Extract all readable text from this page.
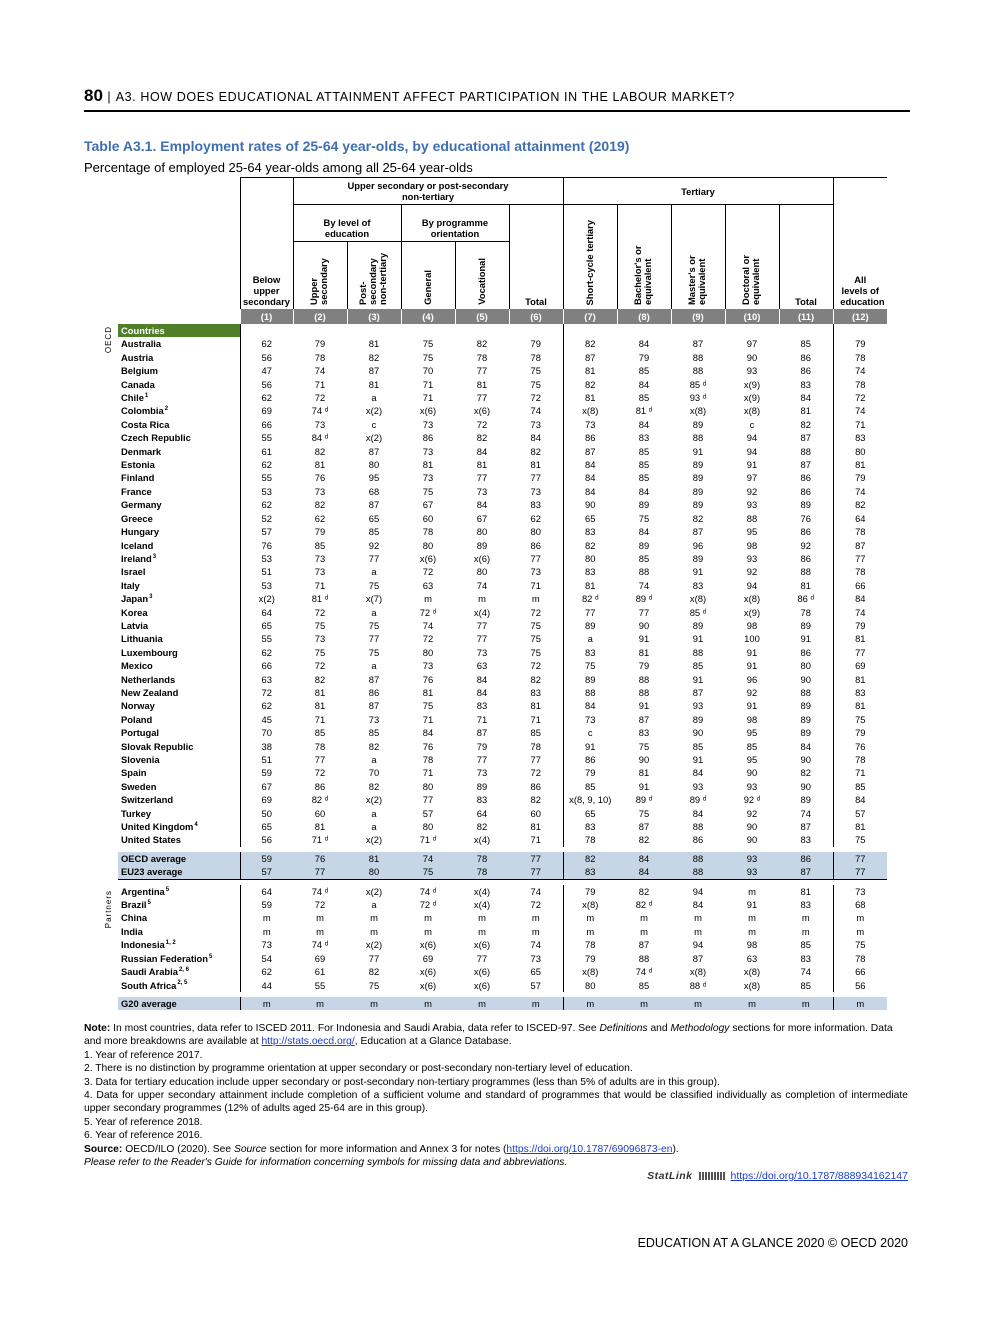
80 | A3. HOW DOES EDUCATIONAL ATTAINMENT AFFECT PARTICIPATION IN THE LABOUR MARKET?
Table A3.1. Employment rates of 25-64 year-olds, by educational attainment (2019)
Percentage of employed 25-64 year-olds among all 25-64 year-olds
	Below upper secondary	Upper secondary or post-secondary non-tertiary					Tertiary					All levels of education
		By level of education		By programme orientation		Total	Short-cycle tertiary	Bachelor's or equivalent	Master's or equivalent	Doctoral or equivalent	Total	
		Upper secondary	Post-secondary non-tertiary	General	Vocational							
	(1)	(2)	(3)	(4)	(5)	(6)	(7)	(8)	(9)	(10)	(11)	(12)
Countries												
Australia	62	79	81	75	82	79	82	84	87	97	85	79
Austria	56	78	82	75	78	78	87	79	88	90	86	78
Belgium	47	74	87	70	77	75	81	85	88	93	86	74
Canada	56	71	81	71	81	75	82	84	85 ᵈ	x(9)	83	78
Chile$^1$	62	72	a	71	77	72	81	85	93 ᵈ	x(9)	84	72
Colombia$^2$	69	74 ᵈ	x(2)	x(6)	x(6)	74	x(8)	81 ᵈ	x(8)	x(8)	81	74
Costa Rica	66	73	c	73	72	73	73	84	89	c	82	71
Czech Republic	55	84 ᵈ	x(2)	86	82	84	86	83	88	94	87	83
Denmark	61	82	87	73	84	82	87	85	91	94	88	80
Estonia	62	81	80	81	81	81	84	85	89	91	87	81
Finland	55	76	95	73	77	77	84	85	89	97	86	79
France	53	73	68	75	73	73	84	84	89	92	86	74
Germany	62	82	87	67	84	83	90	89	89	93	89	82
Greece	52	62	65	60	67	62	65	75	82	88	76	64
Hungary	57	79	85	78	80	80	83	84	87	95	86	78
Iceland	76	85	92	80	89	86	82	89	96	98	92	87
Ireland$^3$	53	73	77	x(6)	x(6)	77	80	85	89	93	86	77
Israel	51	73	a	72	80	73	83	88	91	92	88	78
Italy	53	71	75	63	74	71	81	74	83	94	81	66
Japan$^3$	x(2)	81 ᵈ	x(7)	m	m	m	82 ᵈ	89 ᵈ	x(8)	x(8)	86 ᵈ	84
Korea	64	72	a	72 ᵈ	x(4)	72	77	77	85 ᵈ	x(9)	78	74
Latvia	65	75	75	74	77	75	89	90	89	98	89	79
Lithuania	55	73	77	72	77	75	a	91	91	100	91	81
Luxembourg	62	75	75	80	73	75	83	81	88	91	86	77
Mexico	66	72	a	73	63	72	75	79	85	91	80	69
Netherlands	63	82	87	76	84	82	89	88	91	96	90	81
New Zealand	72	81	86	81	84	83	88	88	87	92	88	83
Norway	62	81	87	75	83	81	84	91	93	91	89	81
Poland	45	71	73	71	71	71	73	87	89	98	89	75
Portugal	70	85	85	84	87	85	c	83	90	95	89	79
Slovak Republic	38	78	82	76	79	78	91	75	85	85	84	76
Slovenia	51	77	a	78	77	77	86	90	91	95	90	78
Spain	59	72	70	71	73	72	79	81	84	90	82	71
Sweden	67	86	82	80	89	86	85	91	93	93	90	85
Switzerland	69	82 ᵈ	x(2)	77	83	82	x(8, 9, 10)	89 ᵈ	89 ᵈ	92 ᵈ	89	84
Turkey	50	60	a	57	64	60	65	75	84	92	74	57
United Kingdom$^4$	65	81	a	80	82	81	83	87	88	90	87	81
United States	56	71 ᵈ	x(2)	71 ᵈ	x(4)	71	78	82	86	90	83	75

OECD average	59	76	81	74	78	77	82	84	88	93	86	77
EU23 average	57	77	80	75	78	77	83	84	88	93	87	77

Argentina$^5$	64	74 ᵈ	x(2)	74 ᵈ	x(4)	74	79	82	94	m	81	73
Brazil$^5$	59	72	a	72 ᵈ	x(4)	72	x(8)	82 ᵈ	84	91	83	68
China	m	m	m	m	m	m	m	m	m	m	m	m
India	m	m	m	m	m	m	m	m	m	m	m	m
Indonesia$^{1, 2}$	73	74 ᵈ	x(2)	x(6)	x(6)	74	78	87	94	98	85	75
Russian Federation$^5$	54	69	77	69	77	73	79	88	87	63	83	78
Saudi Arabia$^{2, 6}$	62	61	82	x(6)	x(6)	65	x(8)	74 ᵈ	x(8)	x(8)	74	66
South Africa$^{2, 5}$	44	55	75	x(6)	x(6)	57	80	85	88 ᵈ	x(8)	85	56

G20 average	m	m	m	m	m	m	m	m	m	m	m	m
OECD
Partners

Note: In most countries, data refer to ISCED 2011. For Indonesia and Saudi Arabia, data refer to ISCED-97. See Definitions and Methodology sections for more information. Data and more breakdowns are available at http://stats.oecd.org/, Education at a Glance Database.

1. Year of reference 2017.

2. There is no distinction by programme orientation at upper secondary or post-secondary non-tertiary level of education.

3. Data for tertiary education include upper secondary or post-secondary non-tertiary programmes (less than 5% of adults are in this group).

4. Data for upper secondary attainment include completion of a sufficient volume and standard of programmes that would be classified individually as completion of intermediate upper secondary programmes (12% of adults aged 25-64 are in this group).

5. Year of reference 2018.

6. Year of reference 2016.

Source: OECD/ILO (2020). See Source section for more information and Annex 3 for notes (https://doi.org/10.1787/69096873-en).

Please refer to the Reader's Guide for information concerning symbols for missing data and abbreviations.

StatLink	https://doi.org/10.1787/888934162147
EDUCATION AT A GLANCE 2020 © OECD 2020
